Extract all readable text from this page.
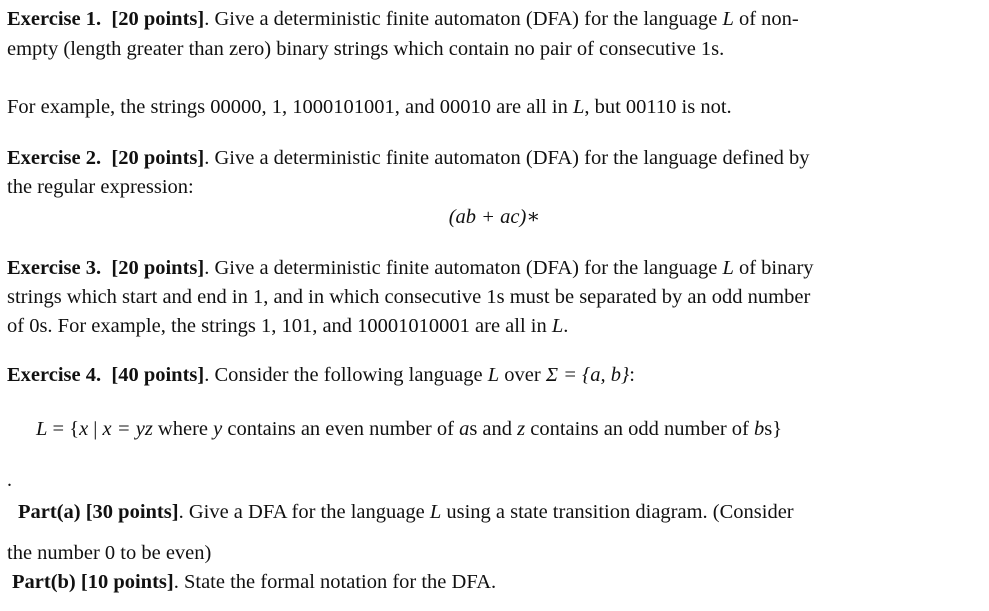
Exercise 1. [20 points]. Give a deterministic finite automaton (DFA) for the language L of non-
empty (length greater than zero) binary strings which contain no pair of consecutive 1s.
For example, the strings 00000, 1, 1000101001, and 00010 are all in L, but 00110 is not.
Exercise 2. [20 points]. Give a deterministic finite automaton (DFA) for the language defined by
the regular expression:
(ab + ac)∗
Exercise 3. [20 points]. Give a deterministic finite automaton (DFA) for the language L of binary
strings which start and end in 1, and in which consecutive 1s must be separated by an odd number
of 0s. For example, the strings 1, 101, and 10001010001 are all in L.
Exercise 4. [40 points]. Consider the following language L over Σ = {a, b}:
L = {x | x = yz where y contains an even number of as and z contains an odd number of bs}
.
Part(a) [30 points]. Give a DFA for the language L using a state transition diagram. (Consider
the number 0 to be even)
Part(b) [10 points]. State the formal notation for the DFA.
